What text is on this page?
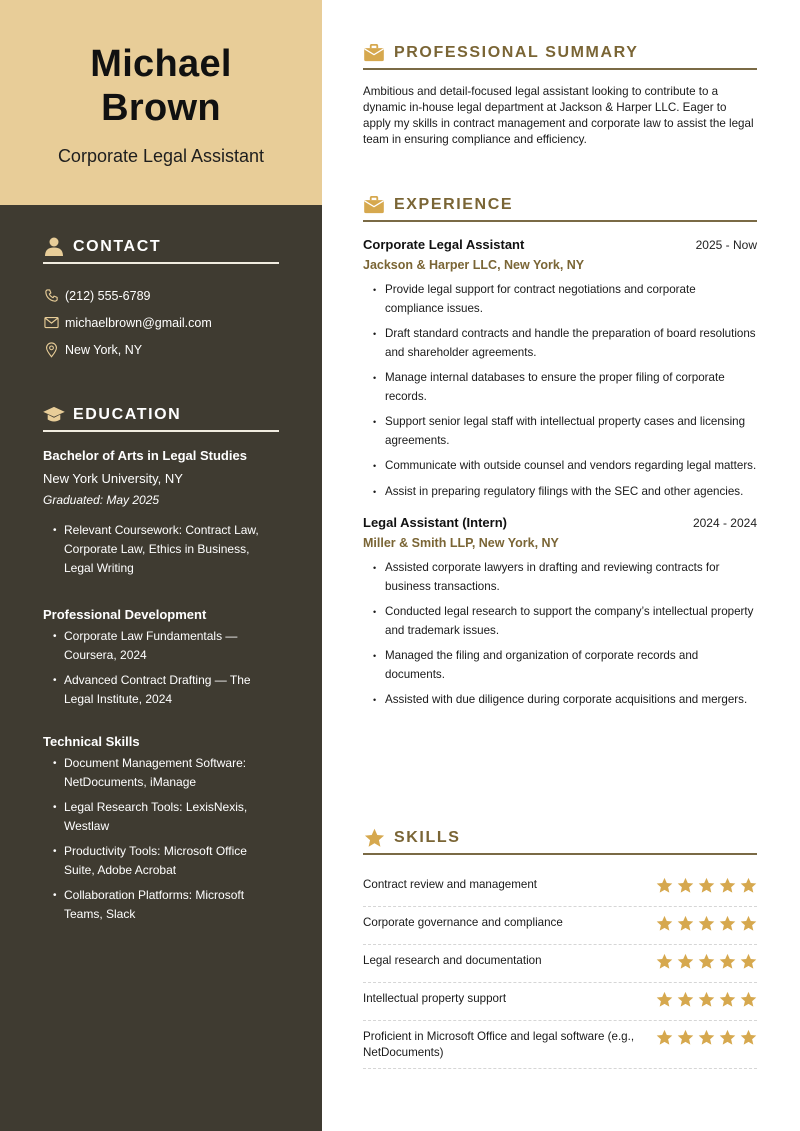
Michael
Brown
Corporate Legal Assistant
CONTACT
(212) 555-6789
michaelbrown@gmail.com
New York, NY
EDUCATION
Bachelor of Arts in Legal Studies
New York University, NY
Graduated: May 2025
• Relevant Coursework: Contract Law, Corporate Law, Ethics in Business, Legal Writing
Professional Development
• Corporate Law Fundamentals — Coursera, 2024
• Advanced Contract Drafting — The Legal Institute, 2024
Technical Skills
• Document Management Software: NetDocuments, iManage
• Legal Research Tools: LexisNexis, Westlaw
• Productivity Tools: Microsoft Office Suite, Adobe Acrobat
• Collaboration Platforms: Microsoft Teams, Slack
PROFESSIONAL SUMMARY
Ambitious and detail-focused legal assistant looking to contribute to a dynamic in-house legal department at Jackson & Harper LLC. Eager to apply my skills in contract management and corporate law to assist the legal team in ensuring compliance and efficiency.
EXPERIENCE
Corporate Legal Assistant	2025 - Now
Jackson & Harper LLC, New York, NY
• Provide legal support for contract negotiations and corporate compliance issues.
• Draft standard contracts and handle the preparation of board resolutions and shareholder agreements.
• Manage internal databases to ensure the proper filing of corporate records.
• Support senior legal staff with intellectual property cases and licensing agreements.
• Communicate with outside counsel and vendors regarding legal matters.
• Assist in preparing regulatory filings with the SEC and other agencies.
Legal Assistant (Intern)	2024 - 2024
Miller & Smith LLP, New York, NY
• Assisted corporate lawyers in drafting and reviewing contracts for business transactions.
• Conducted legal research to support the company’s intellectual property and trademark issues.
• Managed the filing and organization of corporate records and documents.
• Assisted with due diligence during corporate acquisitions and mergers.
SKILLS
Contract review and management
Corporate governance and compliance
Legal research and documentation
Intellectual property support
Proficient in Microsoft Office and legal software (e.g., NetDocuments)
